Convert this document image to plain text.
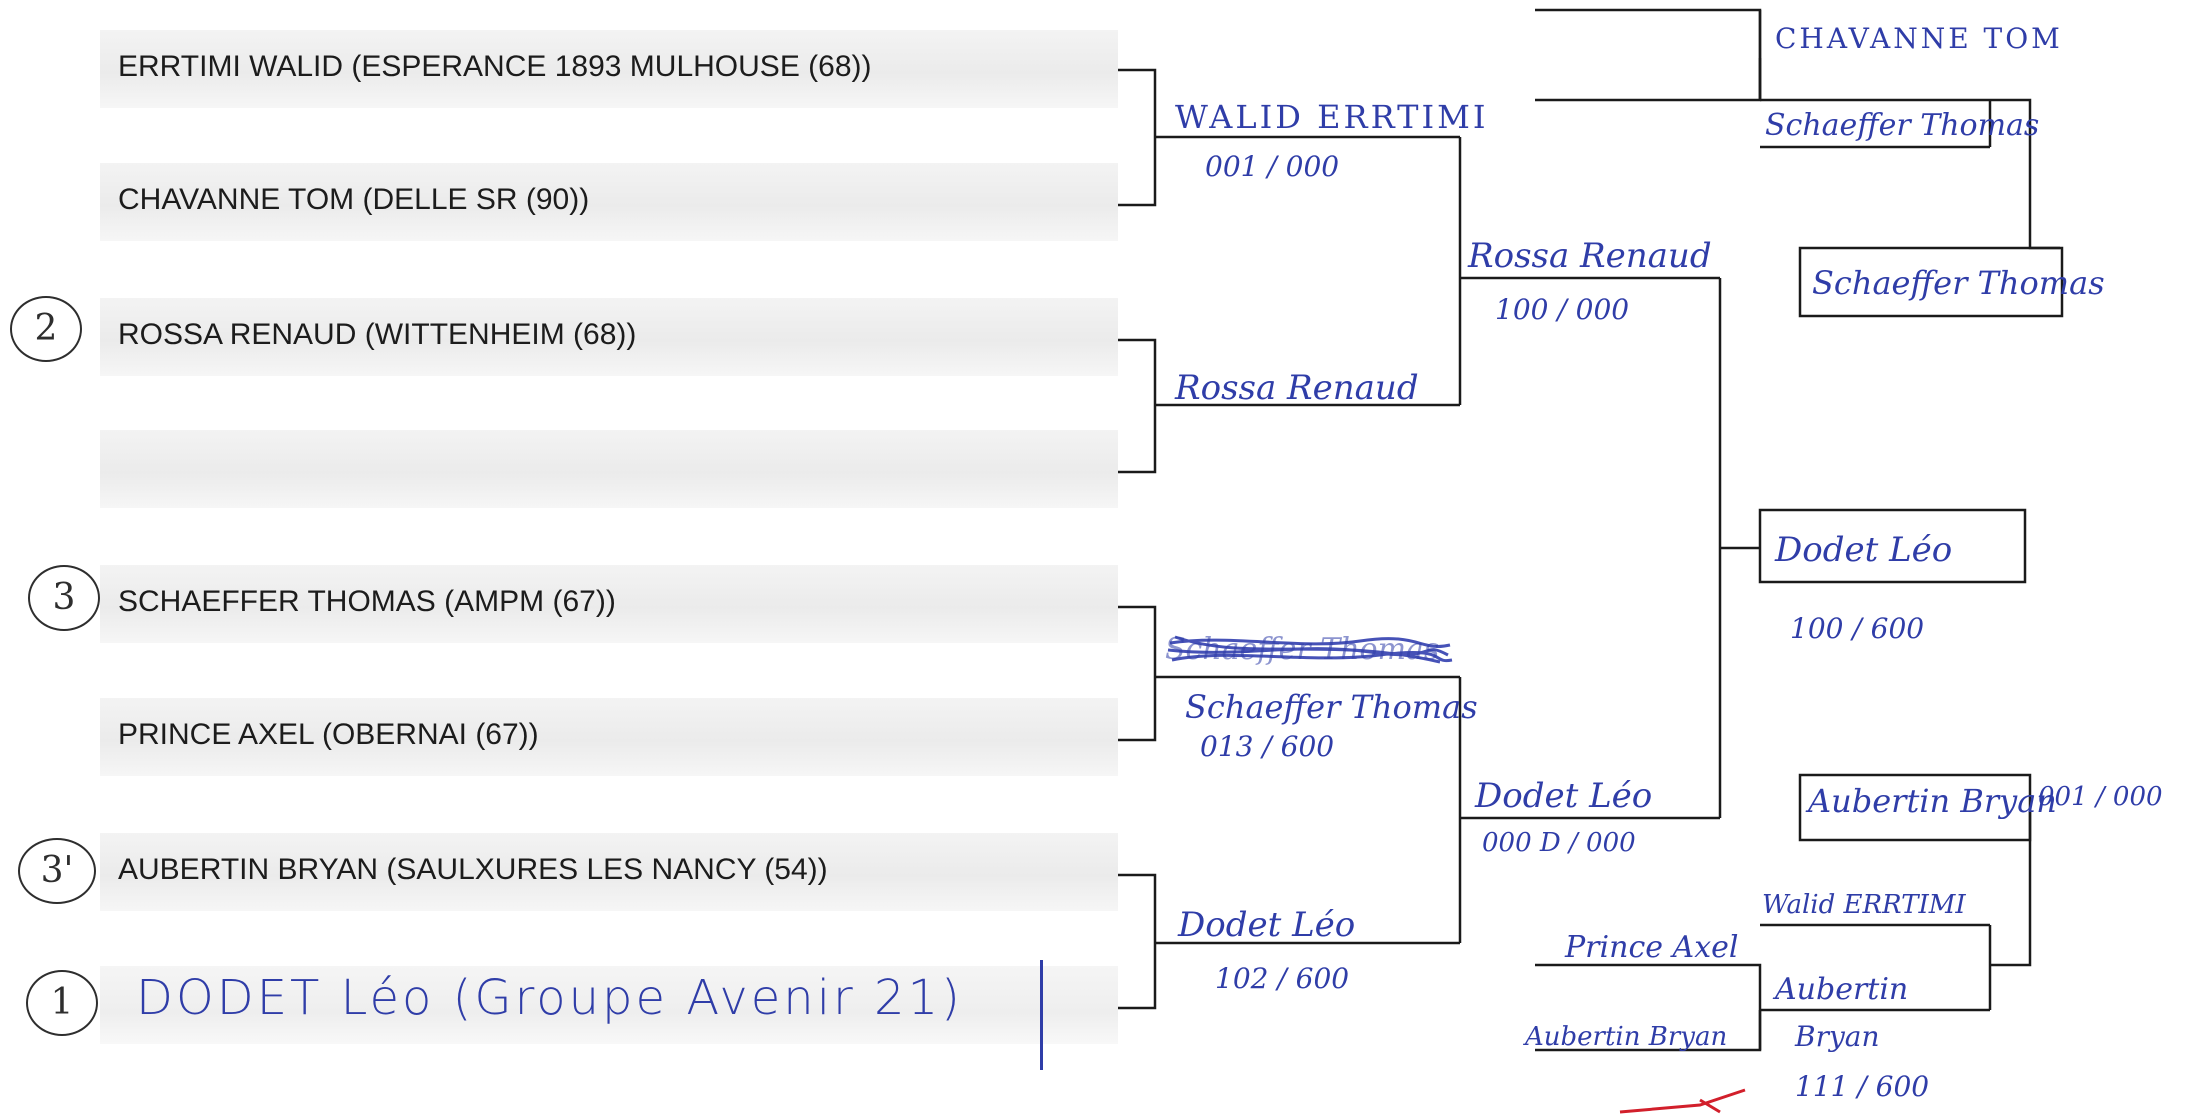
ERRTIMI WALID (ESPERANCE 1893 MULHOUSE (68))
CHAVANNE TOM (DELLE SR (90))
ROSSA RENAUD (WITTENHEIM (68))
SCHAEFFER THOMAS (AMPM (67))
PRINCE AXEL (OBERNAI (67))
AUBERTIN BRYAN (SAULXURES LES NANCY (54))
DODET Léo (Groupe Avenir 21)
2
3
3'
1
WALID ERRTIMI
001 / 000
Rossa Renaud
Schaeffer Thomas
Schaeffer Thomas
013 / 600
Dodet Léo
102 / 600
Rossa Renaud
100 / 000
Dodet Léo
000 D / 000
Dodet Léo
100 / 600
CHAVANNE TOM
Schaeffer Thomas
Schaeffer Thomas
Walid ERRTIMI
Prince Axel
Aubertin Bryan
Aubertin
Bryan
111 / 600
Aubertin Bryan
001 / 000
